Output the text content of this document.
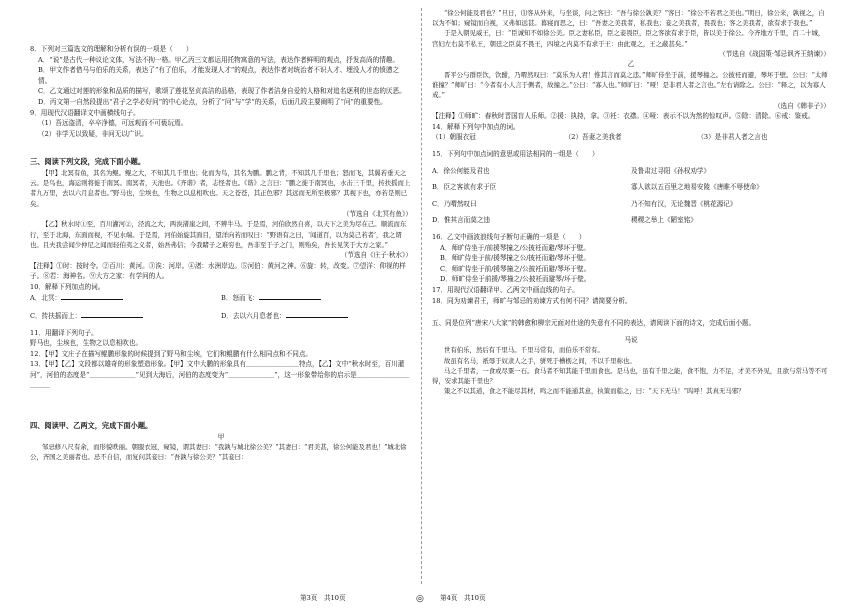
8．下列对三篇选文的理解和分析有误的一项是（　　）

A．“说”是古代一种议论文体，写法不拘一格。甲乙丙三文都运用托物寓意的写法，表达作者鲜明的观点，抒发高尚的情趣。

B．甲文作者借马与伯乐的关系，表达了“有了伯乐，才能发现人才”的观点，表达作者对统治者不识人才、埋没人才的愤懑之情。

C．乙文通过对莲的形象和品质的描写，歌颂了莲花坚贞高洁的品格，表现了作者洁身自爱的人格和对追名逐利的世态的厌恶。

D．丙文第一自然段提出“君子之学必好问”的中心论点，分析了“问”与“学”的关系，后面几段主要阐明了“问”的重要性。

9．用现代汉语翻译文中画横线句子。

（1）吾远盗清，卒卒净德，可远观而不可亵玩焉。

（2）非学无以致疑，非问无以广识。

三、阅读下列文段，完成下面小题。

【甲】北冥有鱼，其名为鲲。鲲之大，不知其几千里也；化而为鸟，其名为鹏。鹏之背，不知其几千里也；怒而飞，其翼若垂天之云。是鸟也，海运则将徙于南冥。南冥者，天池也。《齐谐》者，志怪者也。《谐》之言曰：“鹏之徙于南冥也，水击三千里，抟扶摇而上者九万里，去以六月息者也。”野马也，尘埃也，生物之以息相吹也。天之苍苍，其正色邪？其远而无所至极邪？其视下也，亦若是则已矣。

（节选自《北冥有鱼》）

【乙】秋水时①至，百川灌河②，泾流之大，两涘渚崖之间，不辨牛马。于是焉，河伯欣然自喜，以天下之美为尽在己。顺流而东行，至于北海，东面而视，不见水端。于是焉，河伯始旋其面目，望洋向若而叹曰：“野语有之曰，‘闻道百，以为莫己若者’，我之谓也。且夫我尝闻少仲尼之闻而轻伯夷之义者，始吾弗信；今我睹子之难穷也，吾非至于子之门，则殆矣，吾长见笑于大方之家。”

（节选自《庄子·秋水》）

【注释】①时：按时令。②百川：黄河。③涘：河岸。④渚：水洲岸边。⑤河伯：黄河之神。⑥旋：转，改变。⑦望洋：仰视的样子。⑧若：海神名。⑨大方之家：有学问的人。

10．解释下列加点的词。

A．北冥：	B．怒而飞：
C．抟扶摇而上：	D．去以六月息者也：

11．用翻译下列句子。

野马也，尘埃也，生物之以息相吹也。

12．【甲】文庄子在描写鲲鹏形象的时候提到了野马和尘埃，它们和鲲鹏有什么相同点和不同点。

13．【甲】【乙】文段都以雄奇的形象塑造形象。【甲】文中大鹏的形象具有＿＿＿＿＿＿＿＿特点，【乙】文中“秋水时至，百川灌河”，河伯的态度是“＿＿＿＿＿＿＿”见到大海后，河伯的态度变为“＿＿＿＿＿＿＿”，这一形象带给你的启示是＿＿＿＿＿＿＿＿＿＿＿

四、阅读甲、乙两文，完成下面小题。

甲

邹忌修八尺有余，而形貌昳丽。朝服衣冠，窥镜，谓其妻曰：“我孰与城北徐公美？”其妻曰：“君美甚，徐公何能及君也！”城北徐公，齐国之美丽者也。忌不自信，而复问其妾曰：“吾孰与徐公美？”其妾曰：

“徐公何能及君也？”旦日，⑴客从外来，与坐谈，问之客曰：“吾与徐公孰美？”客曰：“徐公不若君之美也。”明日，徐公来，孰视之，自以为不如；窥镜而自视，又弗如远甚。暮寝而思之，曰：“吾妻之美我者，私我也；妾之美我者，畏我也；客之美我者，欲有求于我也。”

于是入朝见威王，曰：“臣诚知不如徐公美。臣之妻私臣，臣之妾畏臣，臣之客欲有求于臣，皆以美于徐公。今齐地方千里，百二十城，宫妇左右莫不私王，朝廷之臣莫不畏王，四境之内莫不有求于王：由此观之，王之蔽甚矣。”

（节选自《战国策·邹忌讽齐王纳谏》）

乙

晋平公与群臣饮，饮酣，乃喟然叹曰：“莫乐为人君！惟其言而莫之违。”师旷侍坐于前，援琴撞之。公披衽而避，琴坏于壁。公曰：“太师谁撞？”师旷曰：“今者有小人言于侧者，故撞之。”公曰：“寡人也。”师旷曰：“哑！是非君人者之言也。”左右请除之。公曰：“释之，以为寡人戒。”

（选自《韩非子》）

【注释】①师旷：春秋时晋国盲人乐师。②援：执持，拿。③衽：衣襟。④哑：表示不以为然的惊叹声。⑤除：清除。⑥戒：鉴戒。

14．解释下列句中加点的词。

（1）朝服衣冠	（2）吾妻之美我者	（3）是非君人者之言也

15．下列句中加点词的意思或用法相同的一组是（　　）

A．徐公何能及君也	及鲁肃过寻阳《孙权劝学》
B．臣之客欲有求于臣	寡人欲以五百里之地易安陵《唐睢不辱使命》
C．乃喟然叹曰	乃不知有汉，无论魏晋《桃花源记》
D．惟其言而莫之违	稷稷之举上《陋室铭》

16．乙文中画波浪线句子断句正确的一项是（　　）

A．师旷侍坐于/前援琴撞之/公披衽而避/琴坏于壁。

B．师旷侍坐于前/援琴撞之公/披衽而避/琴坏于壁。

C．师旷侍坐于前/援琴撞之/公披衽而避/琴坏于壁。

D．师旷侍坐于前援/琴撞之/公披衽而避琴/坏于壁。

17．用现代汉语翻译甲、乙两文中画直线的句子。

18．同为劝谏君王，师旷与邹忌的劝谏方式有何不同？请简要分析。

五、同是位列“唐宋八大家”的韩愈和柳宗元面对仕途的失意有不同的表达，请阅读下面的诗文，完成后面小题。

马说

世有伯乐，然后有千里马。千里马常有，而伯乐不常有。

故虽有名马，祇辱于奴隶人之手，骈死于槽枥之间，不以千里称也。

马之千里者，一食或尽粟一石。食马者不知其能千里而食也。是马也，虽有千里之能，食不饱，力不足，才美不外见，且欲与常马等不可得，安求其能千里也？

策之不以其道，食之不能尽其材，鸣之而不能通其意，执策而临之，曰：“天下无马！”呜呼！其真无马邪？

第3页　共10页	◎ 第4页　共10页
